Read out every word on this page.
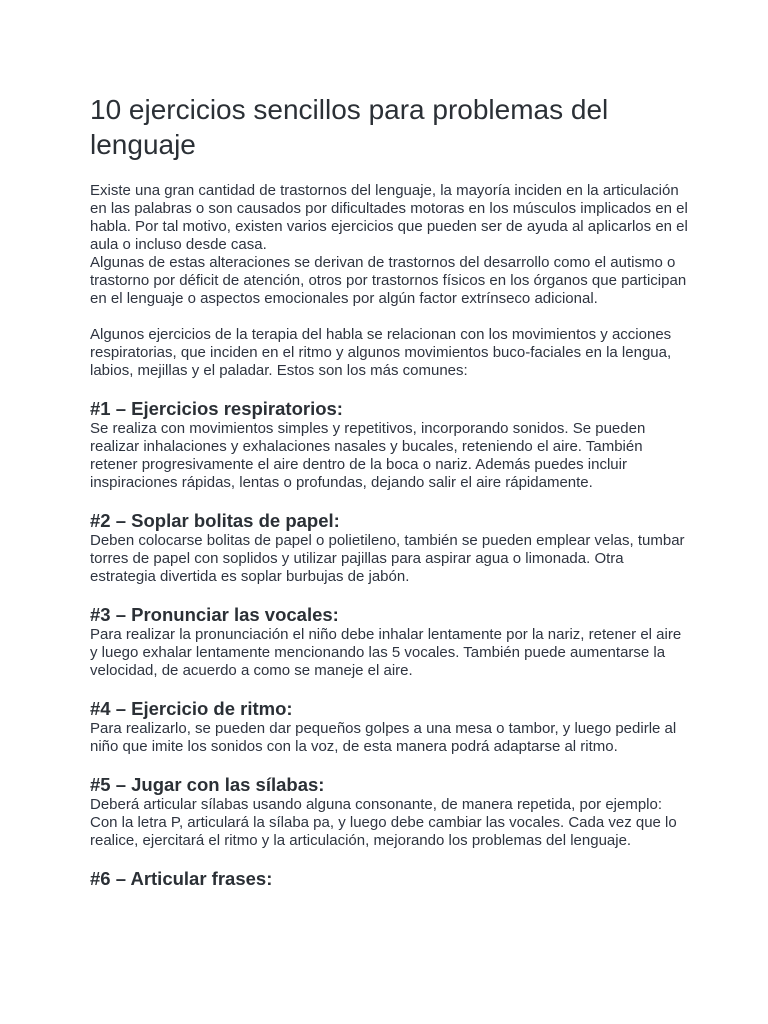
10 ejercicios sencillos para problemas del lenguaje

Existe una gran cantidad de trastornos del lenguaje, la mayoría inciden en la articulación en las palabras o son causados por dificultades motoras en los músculos implicados en el habla. Por tal motivo, existen varios ejercicios que pueden ser de ayuda al aplicarlos en el aula o incluso desde casa.

Algunas de estas alteraciones se derivan de trastornos del desarrollo como el autismo o trastorno por déficit de atención, otros por trastornos físicos en los órganos que participan en el lenguaje o aspectos emocionales por algún factor extrínseco adicional.

Algunos ejercicios de la terapia del habla se relacionan con los movimientos y acciones respiratorias, que inciden en el ritmo y algunos movimientos buco-faciales en la lengua, labios, mejillas y el paladar. Estos son los más comunes:

#1 – Ejercicios respiratorios:

Se realiza con movimientos simples y repetitivos, incorporando sonidos. Se pueden realizar inhalaciones y exhalaciones nasales y bucales, reteniendo el aire. También retener progresivamente el aire dentro de la boca o nariz. Además puedes incluir inspiraciones rápidas, lentas o profundas, dejando salir el aire rápidamente.

#2 – Soplar bolitas de papel:

Deben colocarse bolitas de papel o polietileno, también se pueden emplear velas, tumbar torres de papel con soplidos y utilizar pajillas para aspirar agua o limonada. Otra estrategia divertida es soplar burbujas de jabón.

#3 – Pronunciar las vocales:

Para realizar la pronunciación el niño debe inhalar lentamente por la nariz, retener el aire y luego exhalar lentamente mencionando las 5 vocales. También puede aumentarse la velocidad, de acuerdo a como se maneje el aire.

#4 – Ejercicio de ritmo:

Para realizarlo, se pueden dar pequeños golpes a una mesa o tambor, y luego pedirle al niño que imite los sonidos con la voz, de esta manera podrá adaptarse al ritmo.

#5 – Jugar con las sílabas:

Deberá articular sílabas usando alguna consonante, de manera repetida, por ejemplo: Con la letra P, articulará la sílaba pa, y luego debe cambiar las vocales. Cada vez que lo realice, ejercitará el ritmo y la articulación, mejorando los problemas del lenguaje.

#6 – Articular frases:
